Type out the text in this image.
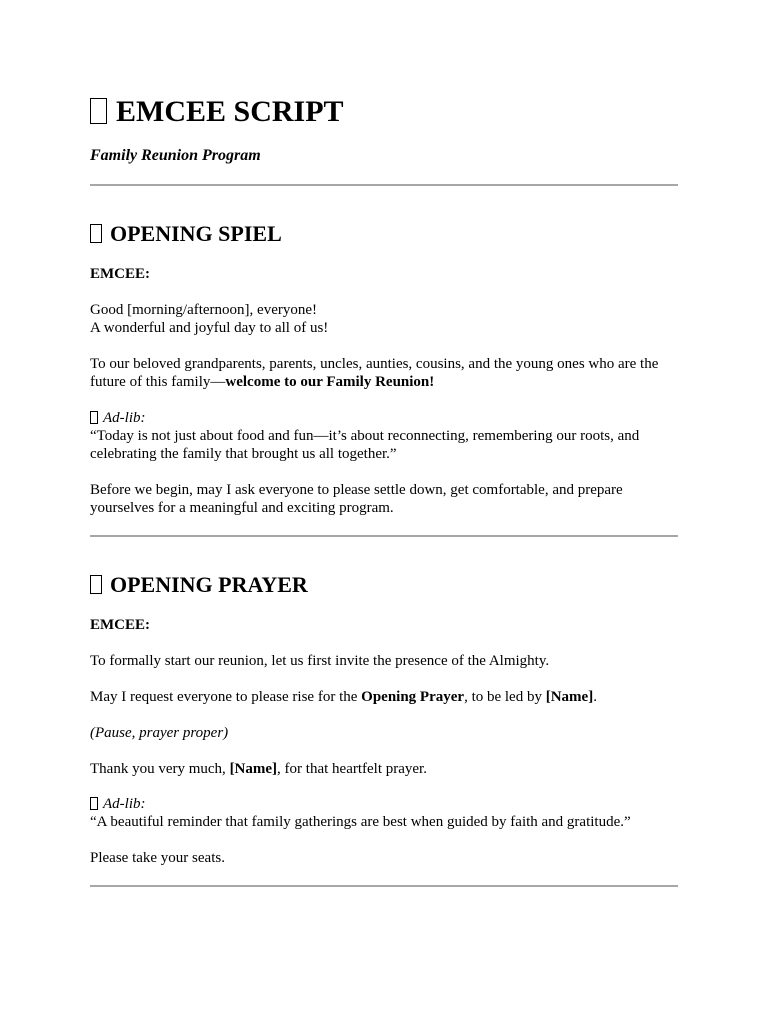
EMCEE SCRIPT
Family Reunion Program
OPENING SPIEL

EMCEE:

Good [morning/afternoon], everyone!
A wonderful and joyful day to all of us!

To our beloved grandparents, parents, uncles, aunties, cousins, and the young ones who are the future of this family—welcome to our Family Reunion!

Ad-lib:
“Today is not just about food and fun—it’s about reconnecting, remembering our roots, and celebrating the family that brought us all together.”

Before we begin, may I ask everyone to please settle down, get comfortable, and prepare yourselves for a meaningful and exciting program.

OPENING PRAYER

EMCEE:

To formally start our reunion, let us first invite the presence of the Almighty.

May I request everyone to please rise for the Opening Prayer, to be led by [Name].

(Pause, prayer proper)

Thank you very much, [Name], for that heartfelt prayer.

Ad-lib:
“A beautiful reminder that family gatherings are best when guided by faith and gratitude.”

Please take your seats.
